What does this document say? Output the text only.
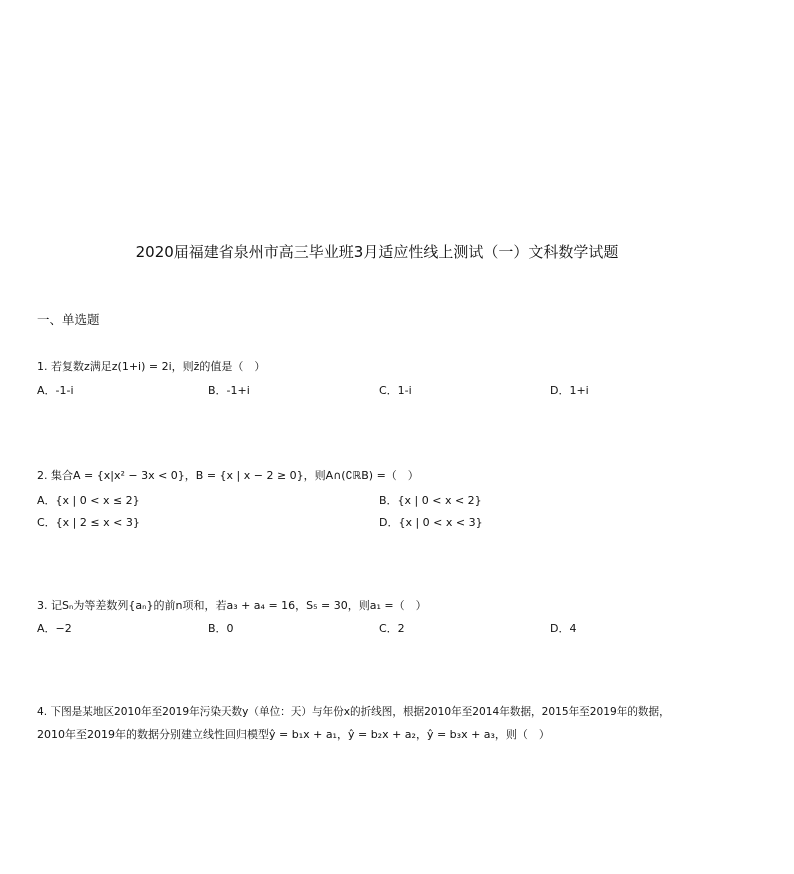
2020届福建省泉州市高三毕业班3月适应性线上测试（一）文科数学试题
一、单选题
1. 若复数z满足z(1+i) = 2i，则z̄的值是（　）
A．-1-i	B．-1+i	C．1-i	D．1+i
2. 集合A = {x|x² − 3x < 0}，B = {x | x − 2 ≥ 0}，则A∩(∁ℝB) =（　）
A．{x | 0 < x ≤ 2}	B．{x | 0 < x < 2}
C．{x | 2 ≤ x < 3}	D．{x | 0 < x < 3}
3. 记Sₙ为等差数列{aₙ}的前n项和，若a₃ + a₄ = 16，S₅ = 30，则a₁ =（　）
A．−2	B．0	C．2	D．4
4. 下图是某地区2010年至2019年污染天数y（单位：天）与年份x的折线图，根据2010年至2014年数据，2015年至2019年的数据，
2010年至2019年的数据分别建立线性回归模型ŷ = b₁x + a₁，ŷ = b₂x + a₂，ŷ = b₃x + a₃，则（　）
